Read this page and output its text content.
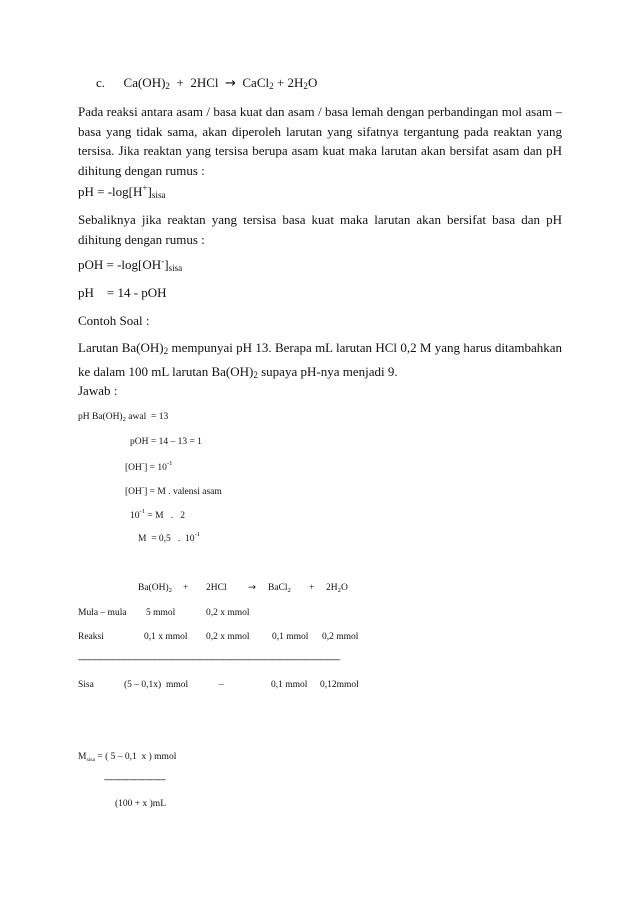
c. $Ca(OH)_2 + 2HCl$ → CaCl$_2$ + $2H_2O$
Pada reaksi antara asam / basa kuat dan asam / basa lemah dengan perbandingan mol asam –
basa yang tidak sama, akan diperoleh larutan yang sifatnya tergantung pada reaktan yang
tersisa. Jika reaktan yang tersisa berupa asam kuat maka larutan akan bersifat asam dan pH
dihitung dengan rumus :
pH = $-\log[H^+]_{sisa}$
Sebaliknya jika reaktan yang tersisa basa kuat maka larutan akan bersifat basa dan pH
dihitung dengan rumus :
pOH = $-\log[OH^-]_{sisa}$
pH    = 14 - pOH
Contoh Soal :
Larutan $Ba(OH)_2$ mempunyai pH 13. Berapa mL larutan HCl 0,2 M yang harus ditambahkan
ke dalam 100 mL larutan $Ba(OH)_2$ supaya pH-nya menjadi 9.
Jawab :
pH $Ba(OH)_2$ awal  = 13
pOH = 14 – 13 = 1
$[OH^-] = 10^{-1}$
[OH-] = M . valensi asam
$10^{-1} = M$   .   2
M  = 0,5   .  $10^{-1}$
$Ba(OH)_2 + 2HCl$ → BaCl$_2$ + $2H_2O$
Mula – mula 5 mmol	0,2 x mmol
Reaksi	0,1 x mmol 0,2 x mmol 0,1 mmol 0,2 mmol
------------------------------------------------------------------------------------------------------
Sisa	(5 – 0,1x)  mmol	–	0,1 mmol 0,12mmol
$M_{sisa}$ = ( 5 – 0,1  x ) mmol
-----------------------
(100 + x )mL
